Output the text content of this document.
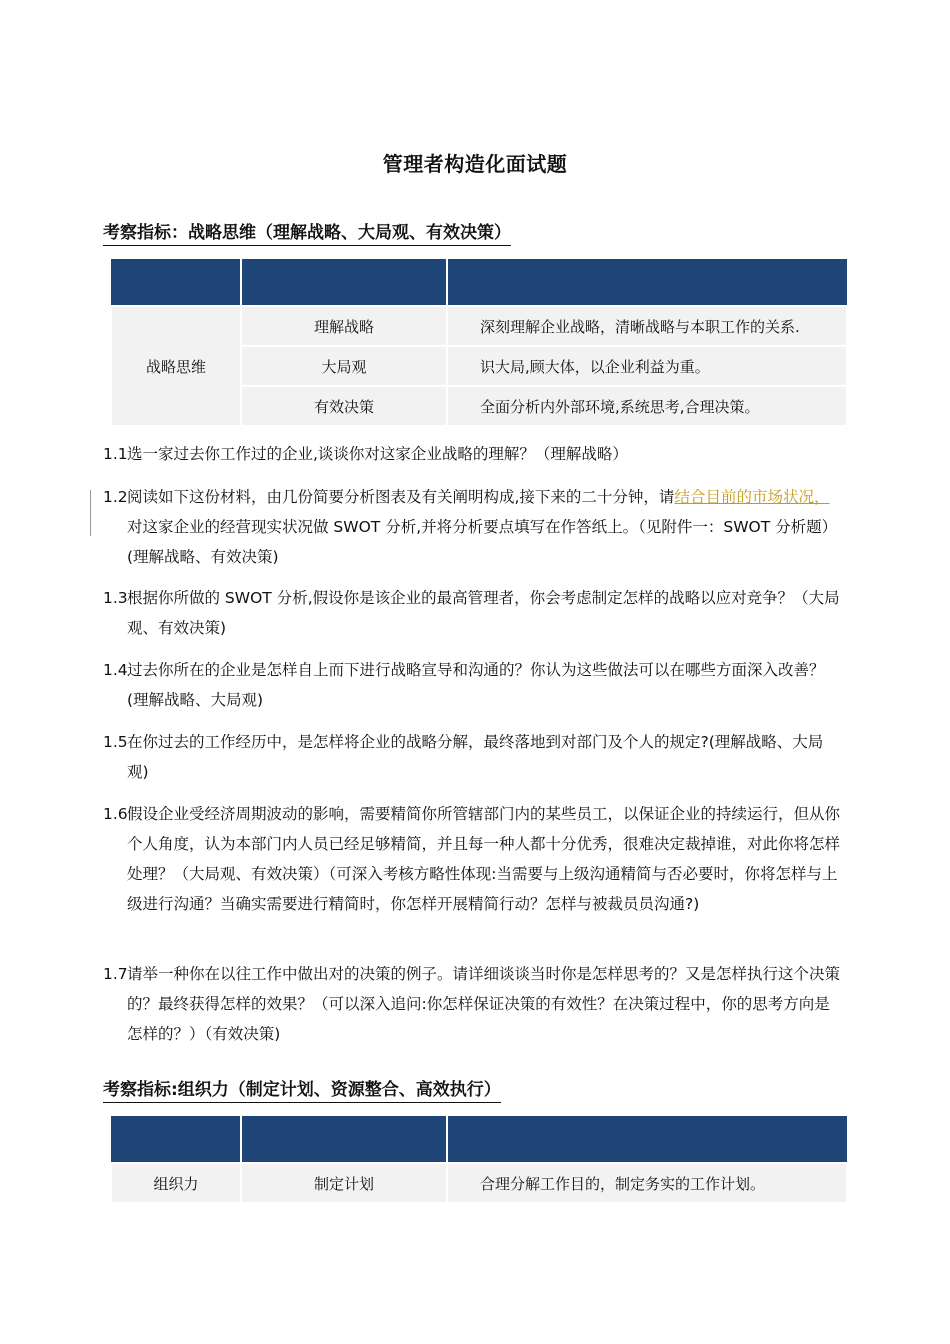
管理者构造化面试题
考察指标：战略思维（理解战略、大局观、有效决策）

战略思维	理解战略	深刻理解企业战略，清晰战略与本职工作的关系.
	大局观	识大局,顾大体，以企业利益为重。
	有效决策	全面分析内外部环境,系统思考,合理决策。
1.1 选一家过去你工作过的企业,谈谈你对这家企业战略的理解？（理解战略）
1.2 阅读如下这份材料，由几份简要分析图表及有关阐明构成,接下来的二十分钟，请结合目前的市场状况，对这家企业的经营现实状况做 SWOT 分析,并将分析要点填写在作答纸上。（见附件一：SWOT 分析题）(理解战略、有效决策)
1.3 根据你所做的 SWOT 分析,假设你是该企业的最高管理者，你会考虑制定怎样的战略以应对竞争？（大局观、有效决策)
1.4 过去你所在的企业是怎样自上而下进行战略宣导和沟通的？你认为这些做法可以在哪些方面深入改善？(理解战略、大局观)
1.5 在你过去的工作经历中，是怎样将企业的战略分解，最终落地到对部门及个人的规定?(理解战略、大局观)
1.6 假设企业受经济周期波动的影响，需要精简你所管辖部门内的某些员工，以保证企业的持续运行，但从你个人角度，认为本部门内人员已经足够精简，并且每一种人都十分优秀，很难决定裁掉谁，对此你将怎样处理？（大局观、有效决策）（可深入考核方略性体现:当需要与上级沟通精简与否必要时，你将怎样与上级进行沟通？当确实需要进行精简时，你怎样开展精简行动？怎样与被裁员员沟通?)
1.7 请举一种你在以往工作中做出对的决策的例子。请详细谈谈当时你是怎样思考的？又是怎样执行这个决策的？最终获得怎样的效果？（可以深入追问:你怎样保证决策的有效性？在决策过程中，你的思考方向是怎样的？）（有效决策)
考察指标:组织力（制定计划、资源整合、高效执行）

组织力	制定计划	合理分解工作目的，制定务实的工作计划。
